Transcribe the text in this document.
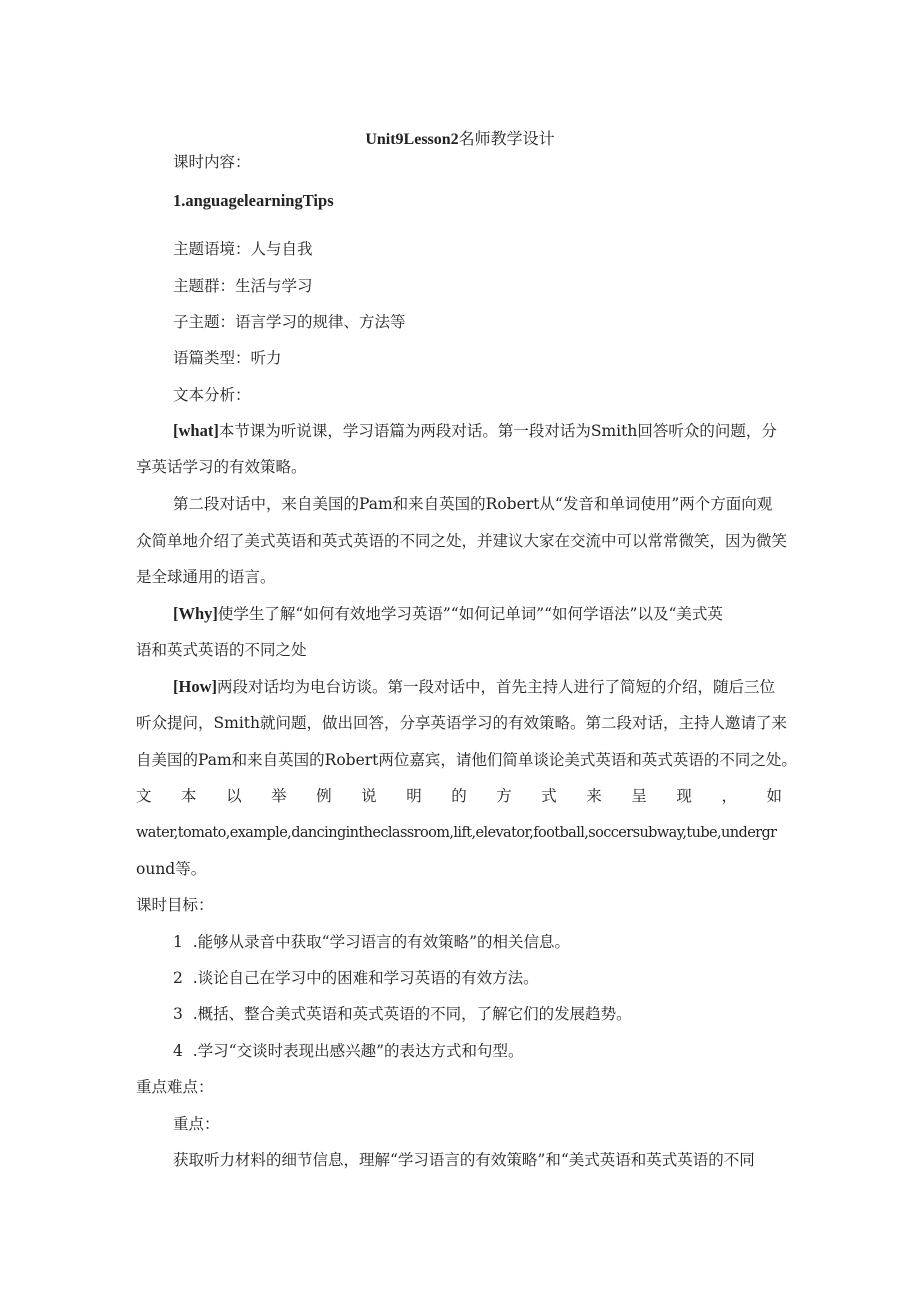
Unit9Lesson2名师教学设计
课时内容：
1.anguagelearningTips
主题语境：人与自我
主题群：生活与学习
子主题：语言学习的规律、方法等
语篇类型：听力
文本分析：
[what]本节课为听说课，学习语篇为两段对话。第一段对话为Smith回答听众的问题，分
享英话学习的有效策略。
第二段对话中，来自美国的Pam和来自英国的Robert从“发音和单词使用”两个方面向观
众简单地介绍了美式英语和英式英语的不同之处，并建议大家在交流中可以常常微笑，因为微笑
是全球通用的语言。
[Why]使学生了解“如何有效地学习英语”“如何记单词”“如何学语法”以及“美式英
语和英式英语的不同之处
[How]两段对话均为电台访谈。第一段对话中，首先主持人进行了简短的介绍，随后三位
听众提问，Smith就问题，做出回答，分享英语学习的有效策略。第二段对话，主持人邀请了来
自美国的Pam和来自英国的Robert两位嘉宾，请他们简单谈论美式英语和英式英语的不同之处。
文本以举例说明的方式来呈现，如
water,tomato,example,dancingintheclassroom,lift,elevator,football,soccersubway,tube,undergr
ound等。
课时目标：
1  .能够从录音中获取“学习语言的有效策略”的相关信息。
2  .谈论自己在学习中的困难和学习英语的有效方法。
3  .概括、整合美式英语和英式英语的不同，了解它们的发展趋势。
4  .学习“交谈时表现出感兴趣”的表达方式和句型。
重点难点：
重点：
获取听力材料的细节信息，理解“学习语言的有效策略”和“美式英语和英式英语的不同
